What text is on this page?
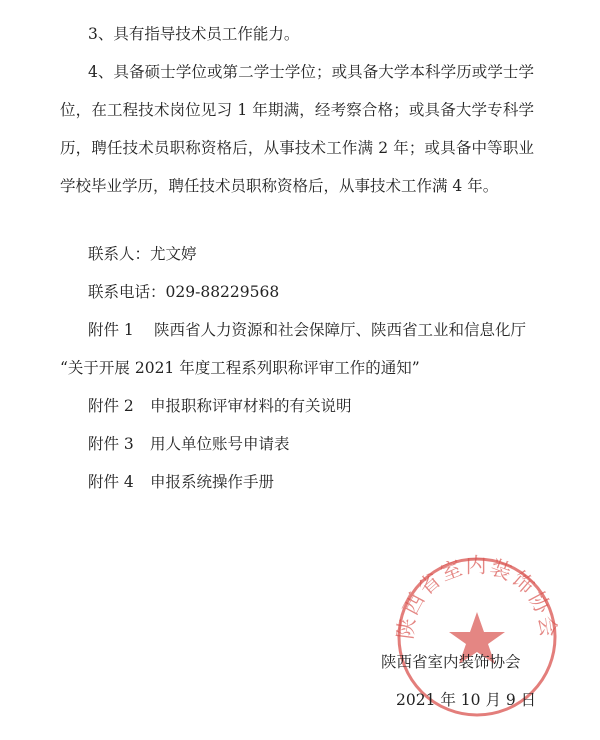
3、具有指导技术员工作能力。
4、具备硕士学位或第二学士学位；或具备大学本科学历或学士学
位，在工程技术岗位见习 1 年期满，经考察合格；或具备大学专科学
历，聘任技术员职称资格后，从事技术工作满 2 年；或具备中等职业
学校毕业学历，聘任技术员职称资格后，从事技术工作满 4 年。
联系人：尤文婷
联系电话：029-88229568
附件 1 陕西省人力资源和社会保障厅、陕西省工业和信息化厅
“关于开展 2021 年度工程系列职称评审工作的通知”
附件 2 申报职称评审材料的有关说明
附件 3 用人单位账号申请表
附件 4 申报系统操作手册
陕西省室内装饰协会
陕西省室内装饰协会
2021 年 10 月 9 日
